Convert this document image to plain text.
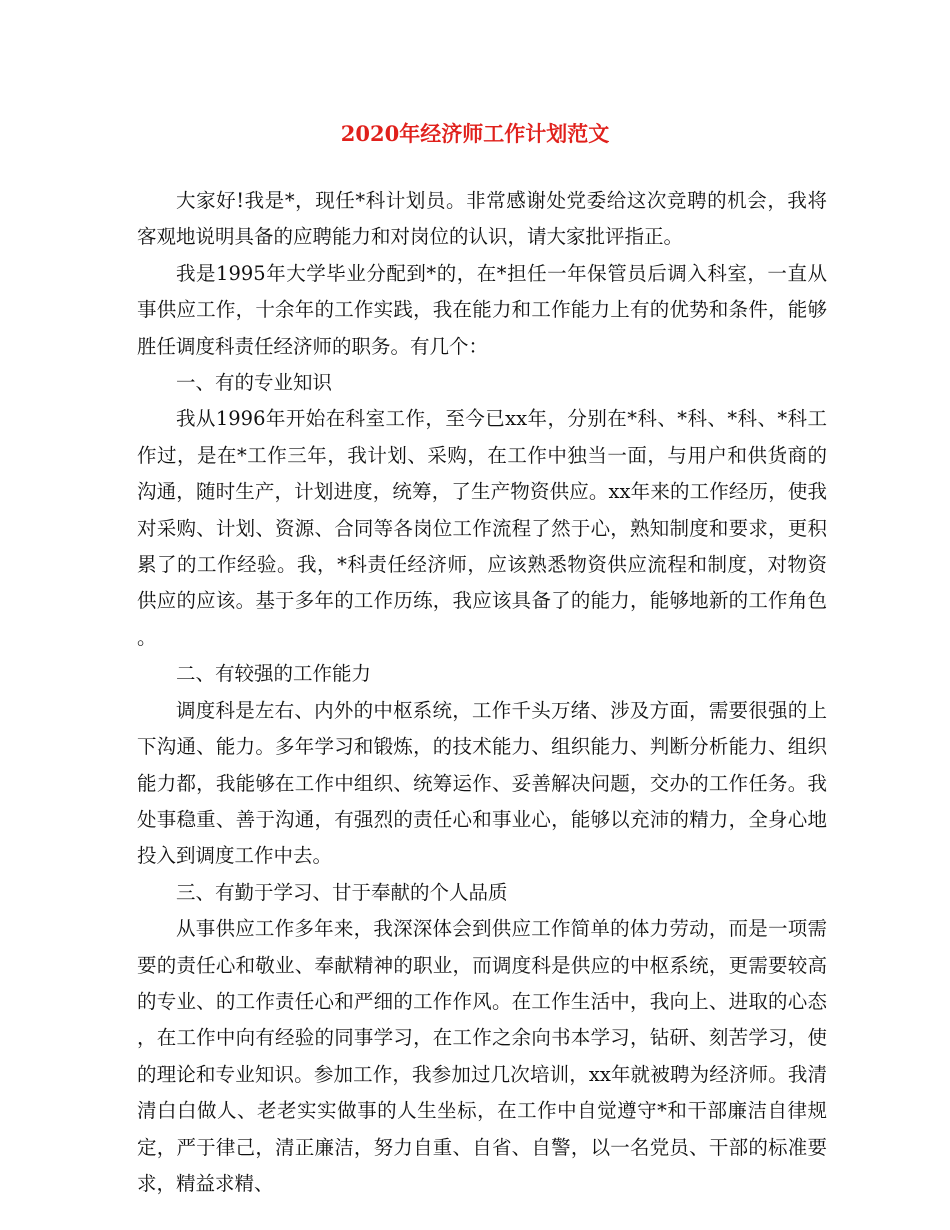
2020年经济师工作计划范文

大家好!我是*，现任*科计划员。非常感谢处党委给这次竞聘的机会，我将客观地说明具备的应聘能力和对岗位的认识，请大家批评指正。

我是1995年大学毕业分配到*的，在*担任一年保管员后调入科室，一直从事供应工作，十余年的工作实践，我在能力和工作能力上有的优势和条件，能够胜任调度科责任经济师的职务。有几个：

一、有的专业知识

我从1996年开始在科室工作，至今已xx年，分别在*科、*科、*科、*科工作过，是在*工作三年，我计划、采购，在工作中独当一面，与用户和供货商的沟通，随时生产，计划进度，统筹，了生产物资供应。xx年来的工作经历，使我对采购、计划、资源、合同等各岗位工作流程了然于心，熟知制度和要求，更积累了的工作经验。我，*科责任经济师，应该熟悉物资供应流程和制度，对物资供应的应该。基于多年的工作历练，我应该具备了的能力，能够地新的工作角色。

二、有较强的工作能力

调度科是左右、内外的中枢系统，工作千头万绪、涉及方面，需要很强的上下沟通、能力。多年学习和锻炼，的技术能力、组织能力、判断分析能力、组织能力都，我能够在工作中组织、统筹运作、妥善解决问题，交办的工作任务。我处事稳重、善于沟通，有强烈的责任心和事业心，能够以充沛的精力，全身心地投入到调度工作中去。

三、有勤于学习、甘于奉献的个人品质

从事供应工作多年来，我深深体会到供应工作简单的体力劳动，而是一项需要的责任心和敬业、奉献精神的职业，而调度科是供应的中枢系统，更需要较高的专业、的工作责任心和严细的工作作风。在工作生活中，我向上、进取的心态，在工作中向有经验的同事学习，在工作之余向书本学习，钻研、刻苦学习，使的理论和专业知识。参加工作，我参加过几次培训，xx年就被聘为经济师。我清清白白做人、老老实实做事的人生坐标，在工作中自觉遵守*和干部廉洁自律规定，严于律己，清正廉洁，努力自重、自省、自警，以一名党员、干部的标准要求，精益求精、
